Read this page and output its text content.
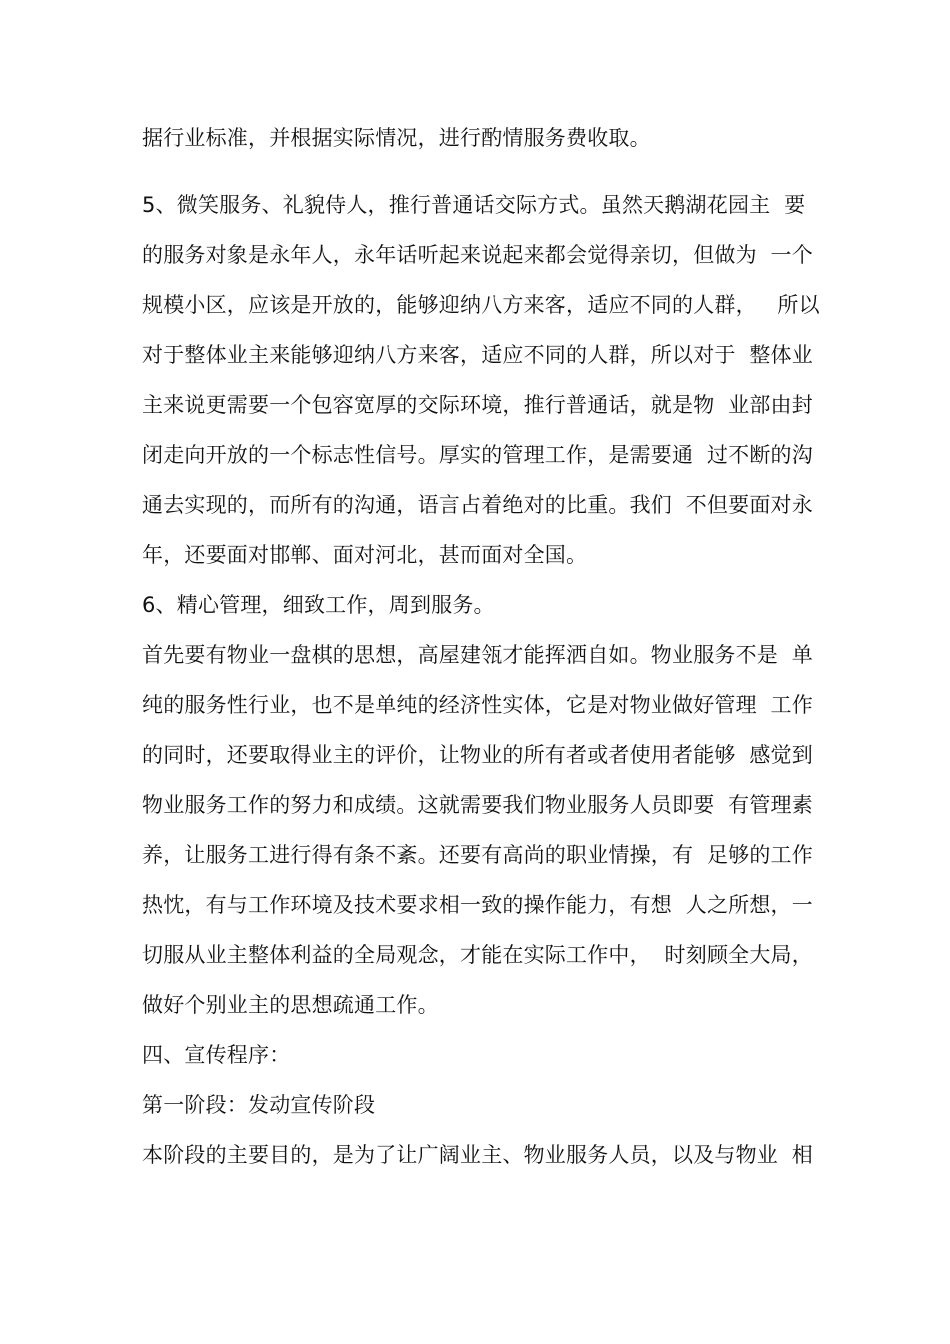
据行业标准，并根据实际情况，进行酌情服务费收取。
5、微笑服务、礼貌侍人，推行普通话交际方式。虽然天鹅湖花园主  要
的服务对象是永年人，永年话听起来说起来都会觉得亲切，但做为  一个
规模小区，应该是开放的，能够迎纳八方来客，适应不同的人群，   所以
对于整体业主来能够迎纳八方来客，适应不同的人群，所以对于  整体业
主来说更需要一个包容宽厚的交际环境，推行普通话，就是物  业部由封
闭走向开放的一个标志性信号。厚实的管理工作，是需要通  过不断的沟
通去实现的，而所有的沟通，语言占着绝对的比重。我们  不但要面对永
年，还要面对邯郸、面对河北，甚而面对全国。
6、精心管理，细致工作，周到服务。
首先要有物业一盘棋的思想，高屋建瓴才能挥洒自如。物业服务不是  单
纯的服务性行业，也不是单纯的经济性实体，它是对物业做好管理  工作
的同时，还要取得业主的评价，让物业的所有者或者使用者能够  感觉到
物业服务工作的努力和成绩。这就需要我们物业服务人员即要  有管理素
养，让服务工进行得有条不紊。还要有高尚的职业情操，有  足够的工作
热忱，有与工作环境及技术要求相一致的操作能力，有想  人之所想，一
切服从业主整体利益的全局观念，才能在实际工作中，  时刻顾全大局，
做好个别业主的思想疏通工作。
四、宣传程序：
第一阶段：发动宣传阶段
本阶段的主要目的，是为了让广阔业主、物业服务人员，以及与物业  相
